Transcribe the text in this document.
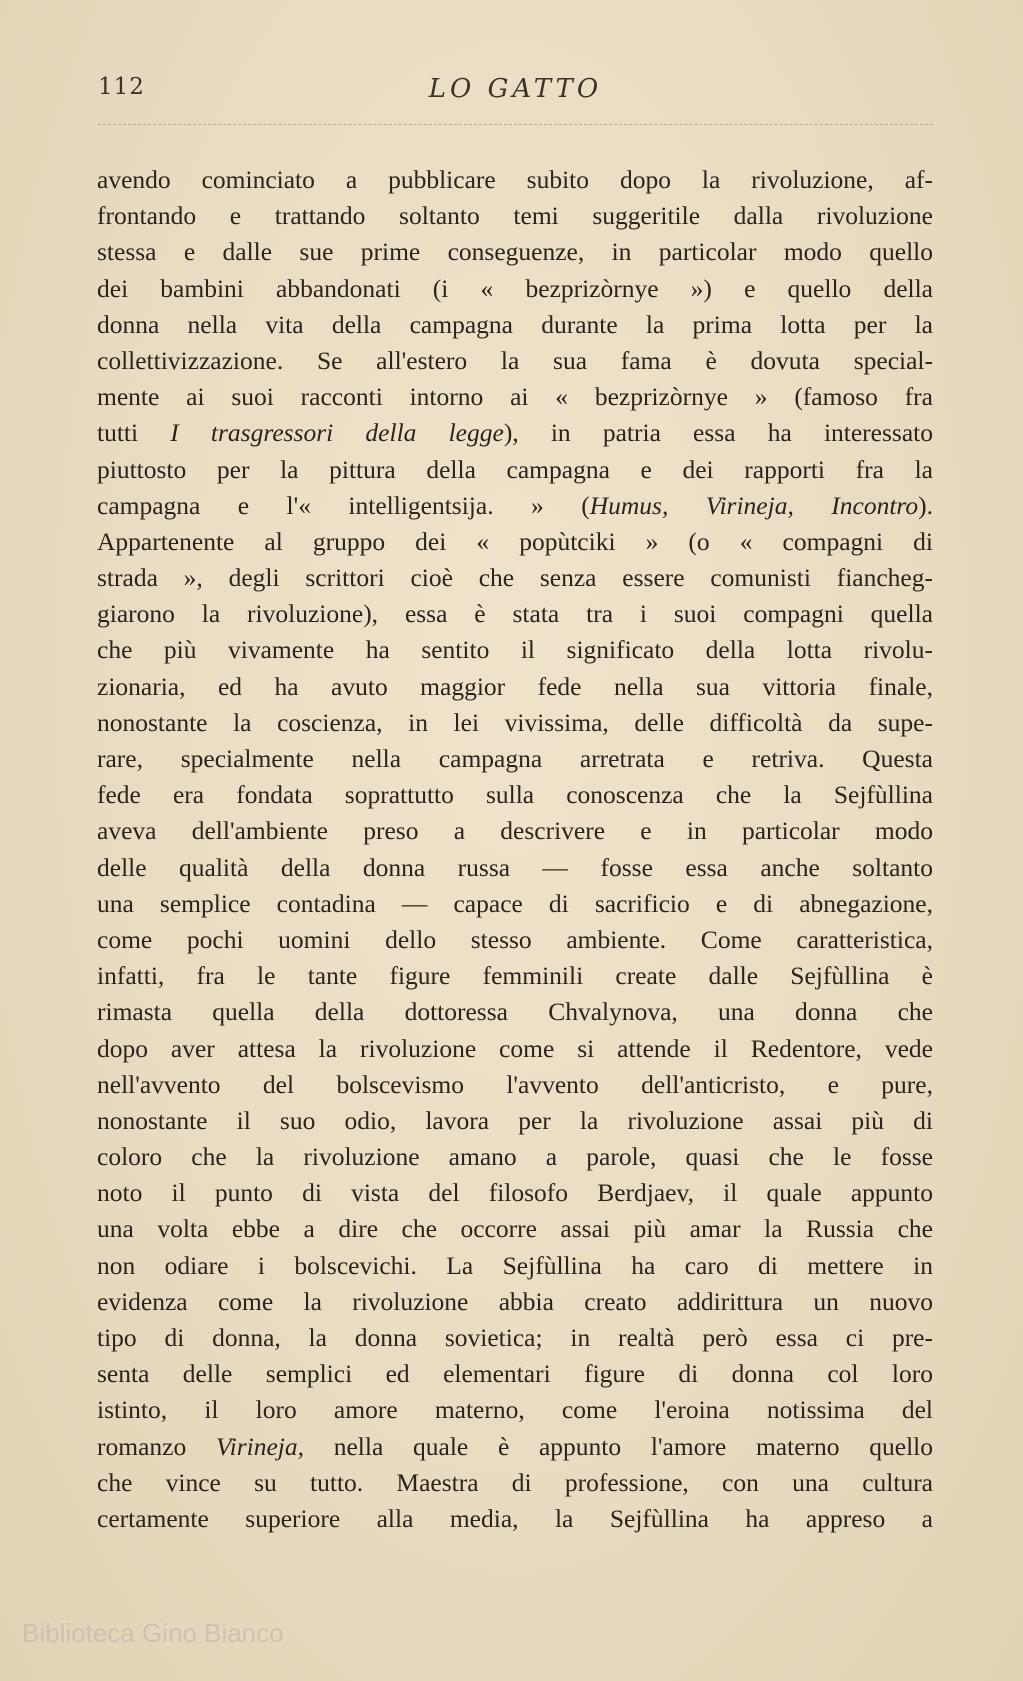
112	LO GATTO
avendo cominciato a pubblicare subito dopo la rivoluzione, af-
frontando e trattando soltanto temi suggeritile dalla rivoluzione
stessa e dalle sue prime conseguenze, in particolar modo quello
dei bambini abbandonati (i « bezprizòrnye ») e quello della
donna nella vita della campagna durante la prima lotta per la
collettivizzazione. Se all'estero la sua fama è dovuta special-
mente ai suoi racconti intorno ai « bezprizòrnye » (famoso fra
tutti I trasgressori della legge), in patria essa ha interessato
piuttosto per la pittura della campagna e dei rapporti fra la
campagna e l'« intelligentsija. » (Humus, Virineja, Incontro).
Appartenente al gruppo dei « popùtciki » (o « compagni di
strada », degli scrittori cioè che senza essere comunisti fiancheg-
giarono la rivoluzione), essa è stata tra i suoi compagni quella
che più vivamente ha sentito il significato della lotta rivolu-
zionaria, ed ha avuto maggior fede nella sua vittoria finale,
nonostante la coscienza, in lei vivissima, delle difficoltà da supe-
rare, specialmente nella campagna arretrata e retriva. Questa
fede era fondata soprattutto sulla conoscenza che la Sejfùllina
aveva dell'ambiente preso a descrivere e in particolar modo
delle qualità della donna russa — fosse essa anche soltanto
una semplice contadina — capace di sacrificio e di abnegazione,
come pochi uomini dello stesso ambiente. Come caratteristica,
infatti, fra le tante figure femminili create dalle Sejfùllina è
rimasta quella della dottoressa Chvalynova, una donna che
dopo aver attesa la rivoluzione come si attende il Redentore, vede
nell'avvento del bolscevismo l'avvento dell'anticristo, e pure,
nonostante il suo odio, lavora per la rivoluzione assai più di
coloro che la rivoluzione amano a parole, quasi che le fosse
noto il punto di vista del filosofo Berdjaev, il quale appunto
una volta ebbe a dire che occorre assai più amar la Russia che
non odiare i bolscevichi. La Sejfùllina ha caro di mettere in
evidenza come la rivoluzione abbia creato addirittura un nuovo
tipo di donna, la donna sovietica; in realtà però essa ci pre-
senta delle semplici ed elementari figure di donna col loro
istinto, il loro amore materno, come l'eroina notissima del
romanzo Virineja, nella quale è appunto l'amore materno quello
che vince su tutto. Maestra di professione, con una cultura
certamente superiore alla media, la Sejfùllina ha appreso a
Biblioteca Gino Bianco
